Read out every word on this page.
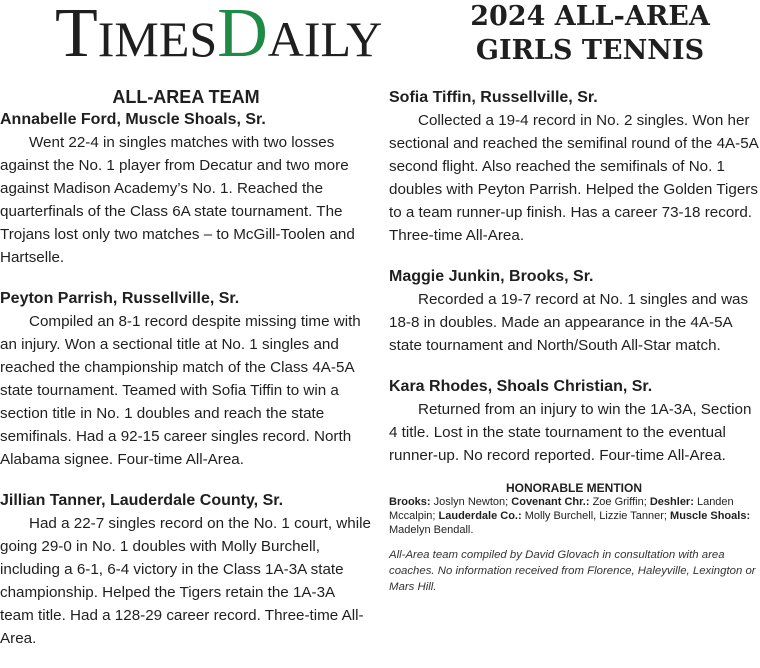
TIMESDAILY	2024 ALL-AREA
GIRLS TENNIS
ALL-AREA TEAM

Annabelle Ford, Muscle Shoals, Sr.

Went 22-4 in singles matches with two losses against the No. 1 player from Decatur and two more against Madison Academy’s No. 1. Reached the quarterfinals of the Class 6A state tournament. The Trojans lost only two matches – to McGill-Toolen and Hartselle.

Peyton Parrish, Russellville, Sr.

Compiled an 8-1 record despite missing time with an injury. Won a sectional title at No. 1 singles and reached the championship match of the Class 4A-5A state tournament. Teamed with Sofia Tiffin to win a section title in No. 1 doubles and reach the state semifinals. Had a 92-15 career singles record. North Alabama signee. Four-time All-Area.

Jillian Tanner, Lauderdale County, Sr.

Had a 22-7 singles record on the No. 1 court, while going 29-0 in No. 1 doubles with Molly Burchell, including a 6-1, 6-4 victory in the Class 1A-3A state championship. Helped the Tigers retain the 1A-3A team title. Had a 128-29 career record. Three-time All-Area.

Sofia Tiffin, Russellville, Sr.

Collected a 19-4 record in No. 2 singles. Won her sectional and reached the semifinal round of the 4A-5A second flight. Also reached the semifinals of No. 1 doubles with Peyton Parrish. Helped the Golden Tigers to a team runner-up finish. Has a career 73-18 record. Three-time All-Area.

Maggie Junkin, Brooks, Sr.

Recorded a 19-7 record at No. 1 singles and was 18-8 in doubles. Made an appearance in the 4A-5A state tournament and North/South All-Star match.

Kara Rhodes, Shoals Christian, Sr.

Returned from an injury to win the 1A-3A, Section 4 title. Lost in the state tournament to the eventual runner-up. No record reported. Four-time All-Area.

HONORABLE MENTION

Brooks: Joslyn Newton; Covenant Chr.: Zoe Griffin; Deshler: Landen Mccalpin; Lauderdale Co.: Molly Burchell, Lizzie Tanner; Muscle Shoals: Madelyn Bendall.

All-Area team compiled by David Glovach in consultation with area coaches. No information received from Florence, Haleyville, Lexington or Mars Hill.
